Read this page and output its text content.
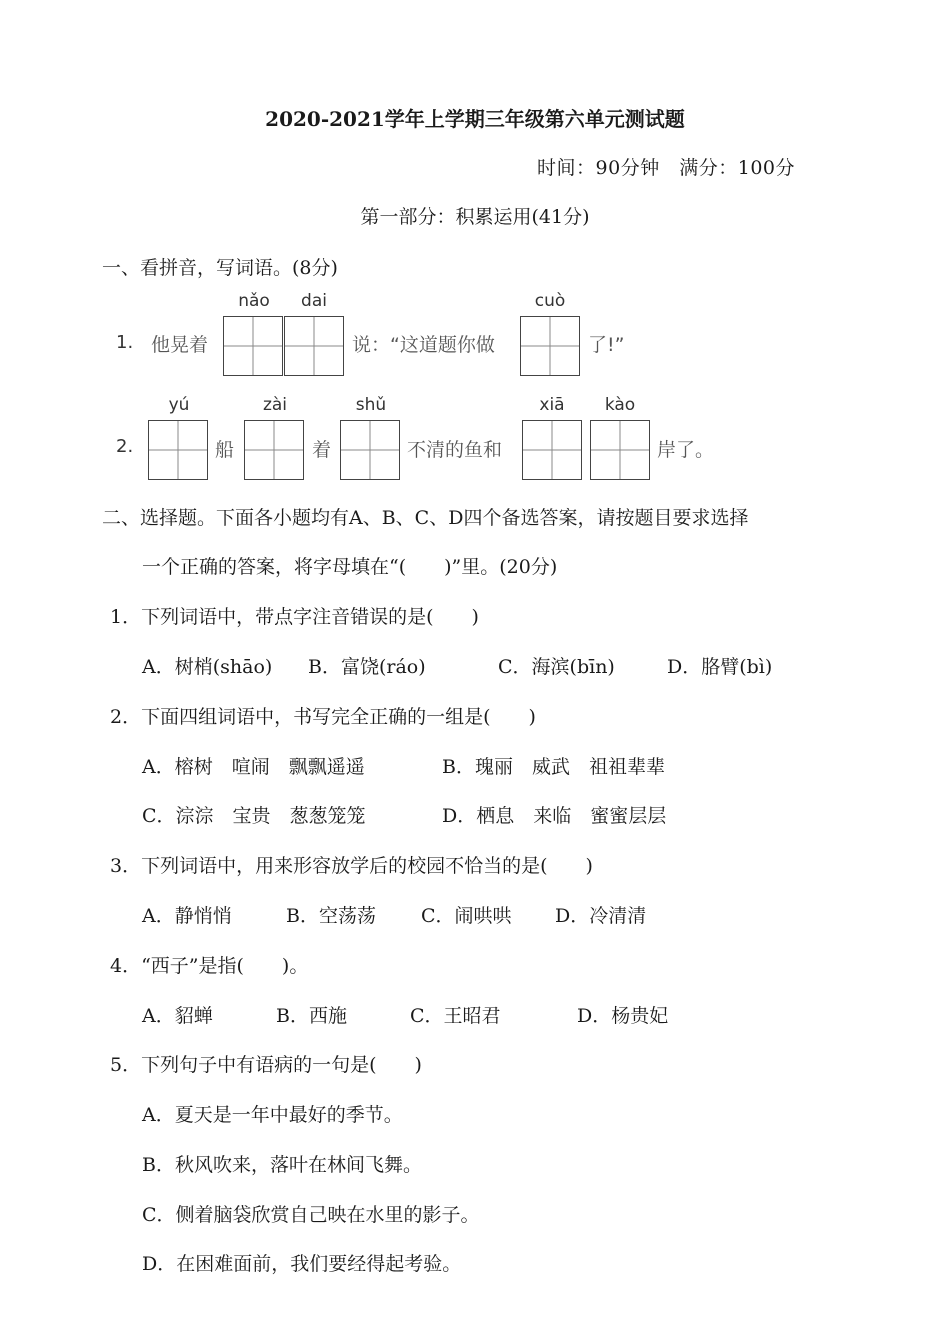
2020-2021学年上学期三年级第六单元测试题
时间：90分钟　满分：100分
第一部分：积累运用(41分)
一、看拼音，写词语。(8分)
1. 他晃着
nǎo	dai
说：“这道题你做
cuò
了!”
2.
yú
船
zài
着
shǔ
不清的鱼和
xiā	kào
岸了。
二、选择题。下面各小题均有A、B、C、D四个备选答案，请按题目要求选择
一个正确的答案，将字母填在“(　　)”里。(20分)
1．下列词语中，带点字注音错误的是(　　)
A．树梢(shāo) B．富饶(ráo)	C．海滨(bīn)	D．胳臂(bì)
2．下面四组词语中，书写完全正确的一组是(　　)
A．榕树　喧闹　飘飘遥遥	B．瑰丽　威武　祖祖辈辈
C．淙淙　宝贵　葱葱笼笼	D．栖息　来临　蜜蜜层层
3．下列词语中，用来形容放学后的校园不恰当的是(　　)
A．静悄悄	B．空荡荡 C．闹哄哄 D．冷清清
4．“西子”是指(　　)。
A．貂蝉	B．西施	C．王昭君	D．杨贵妃
5．下列句子中有语病的一句是(　　)
A．夏天是一年中最好的季节。
B．秋风吹来，落叶在林间飞舞。
C．侧着脑袋欣赏自己映在水里的影子。
D．在困难面前，我们要经得起考验。
